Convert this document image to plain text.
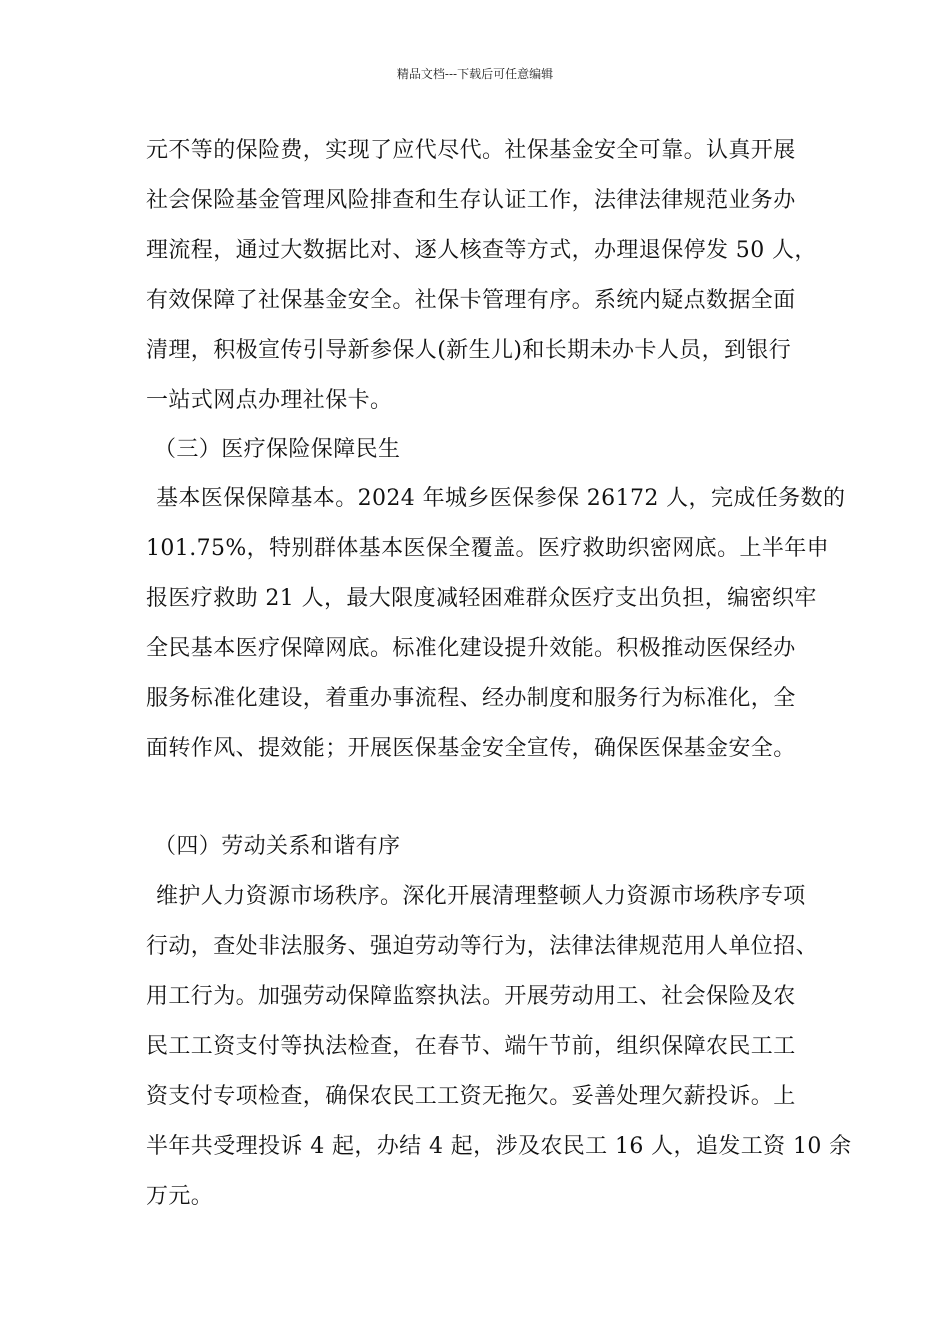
精品文档---下载后可任意编辑
元不等的保险费，实现了应代尽代。社保基金安全可靠。认真开展
社会保险基金管理风险排查和生存认证工作，法律法律规范业务办
理流程，通过大数据比对、逐人核查等方式，办理退保停发 50 人，
有效保障了社保基金安全。社保卡管理有序。系统内疑点数据全面
清理，积极宣传引导新参保人(新生儿)和长期未办卡人员，到银行
一站式网点办理社保卡。
（三）医疗保险保障民生
基本医保保障基本。2024 年城乡医保参保 26172 人，完成任务数的
101.75%，特别群体基本医保全覆盖。医疗救助织密网底。上半年申
报医疗救助 21 人，最大限度减轻困难群众医疗支出负担，编密织牢
全民基本医疗保障网底。标准化建设提升效能。积极推动医保经办
服务标准化建设，着重办事流程、经办制度和服务行为标准化，全
面转作风、提效能；开展医保基金安全宣传，确保医保基金安全。
（四）劳动关系和谐有序
维护人力资源市场秩序。深化开展清理整顿人力资源市场秩序专项
行动，查处非法服务、强迫劳动等行为，法律法律规范用人单位招、
用工行为。加强劳动保障监察执法。开展劳动用工、社会保险及农
民工工资支付等执法检查，在春节、端午节前，组织保障农民工工
资支付专项检查，确保农民工工资无拖欠。妥善处理欠薪投诉。上
半年共受理投诉 4 起，办结 4 起，涉及农民工 16 人，追发工资 10 余
万元。
